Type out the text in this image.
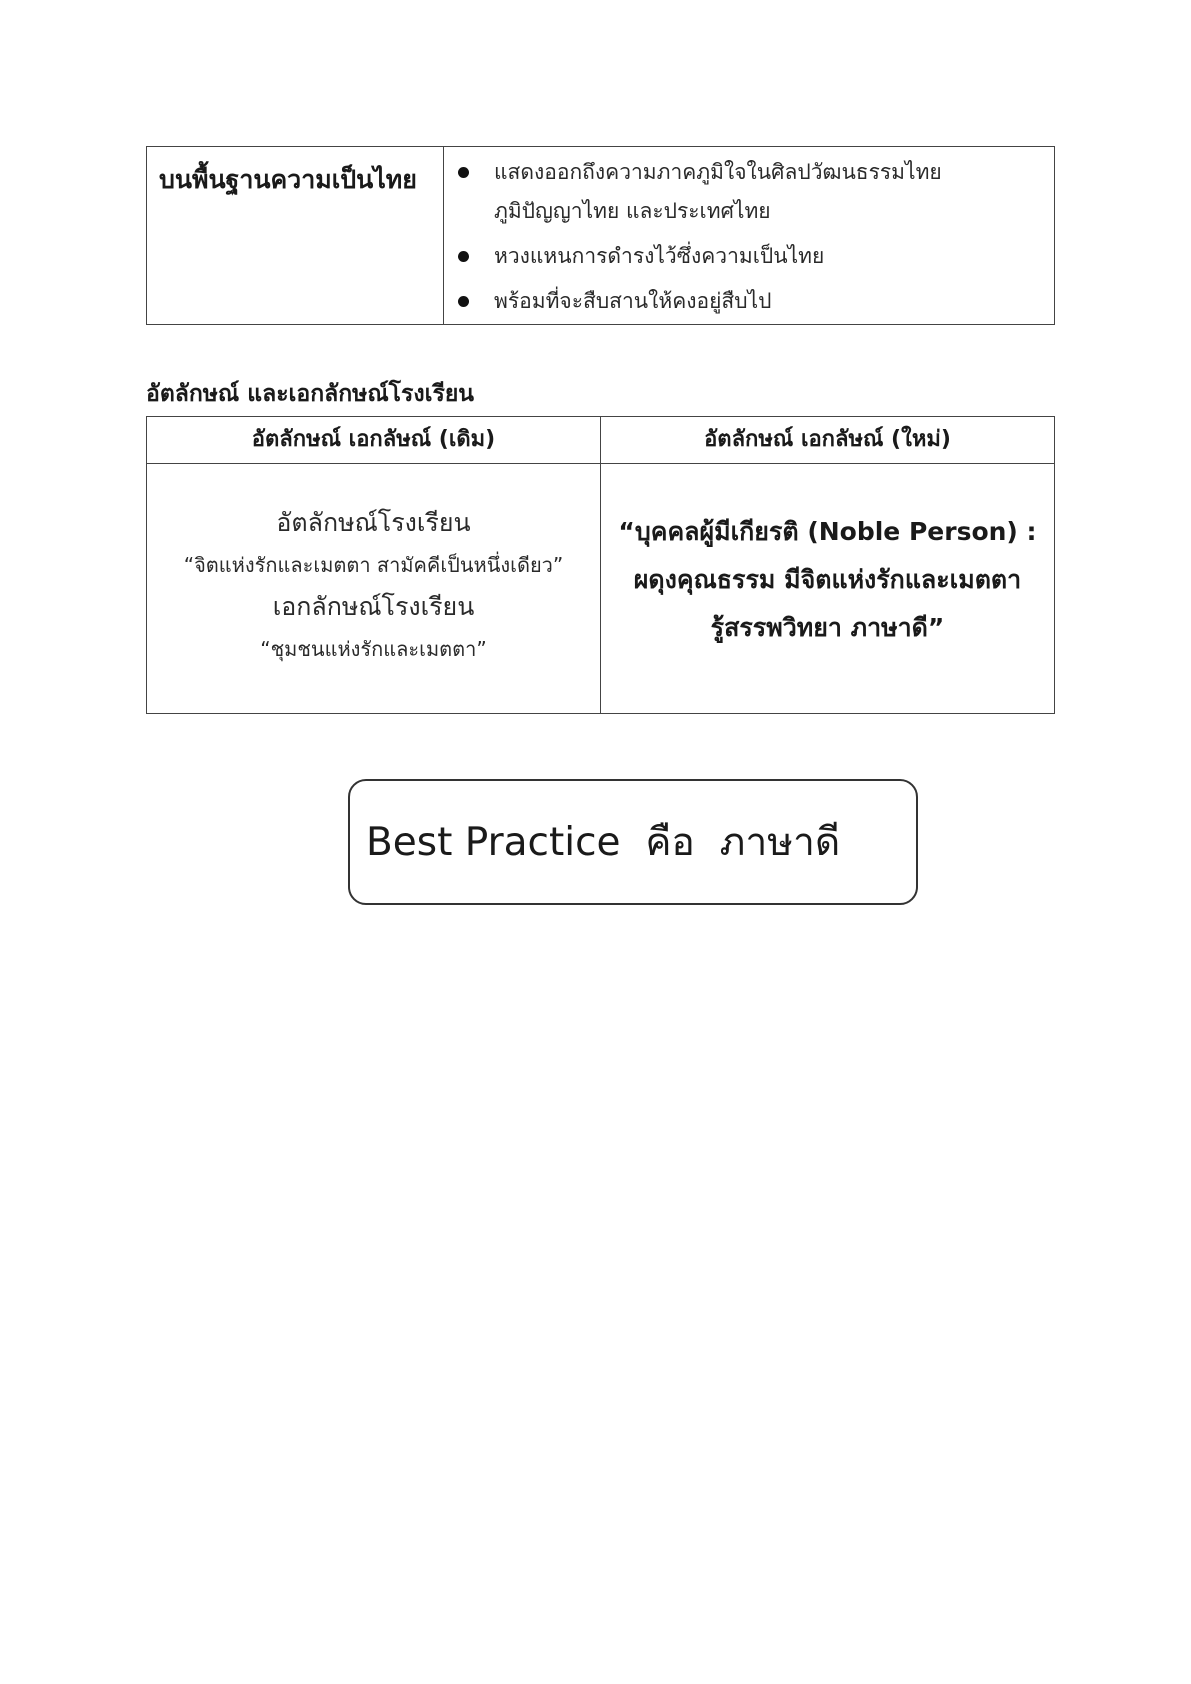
บนพื้นฐานความเป็นไทย	แสดงออกถึงความภาคภูมิใจในศิลปวัฒนธรรมไทย ภูมิปัญญาไทย และประเทศไทย
หวงแหนการดำรงไว้ซึ่งความเป็นไทย
พร้อมที่จะสืบสานให้คงอยู่สืบไป
อัตลักษณ์ และเอกลักษณ์โรงเรียน
อัตลักษณ์ เอกลัษณ์ (เดิม)	อัตลักษณ์ เอกลัษณ์ (ใหม่)
อัตลักษณ์โรงเรียน
“จิตแห่งรักและเมตตา สามัคคีเป็นหนึ่งเดียว”
เอกลักษณ์โรงเรียน
“ชุมชนแห่งรักและเมตตา”
“บุคคลผู้มีเกียรติ (Noble Person) :
ผดุงคุณธรรม มีจิตแห่งรักและเมตตา
รู้สรรพวิทยา ภาษาดี”
Best Practice  คือ  ภาษาดี
